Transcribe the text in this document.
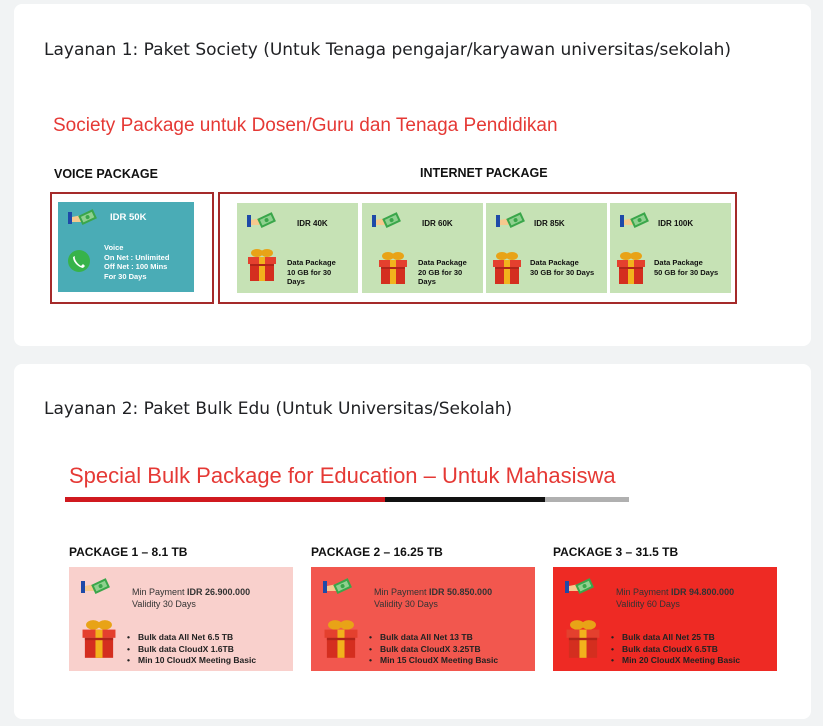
Layanan 1: Paket Society (Untuk Tenaga pengajar/karyawan universitas/sekolah)
Society Package untuk Dosen/Guru dan Tenaga Pendidikan
VOICE PACKAGE	INTERNET PACKAGE
IDR 50K
Voice
On Net : Unlimited
Off Net : 100 Mins
For 30 Days
IDR 40K
Data Package
10 GB for 30
Days
IDR 60K
Data Package
20 GB for 30
Days
IDR 85K
Data Package
30 GB for 30 Days
IDR 100K
Data Package
50 GB for 30 Days
Layanan 2: Paket Bulk Edu (Untuk Universitas/Sekolah)
Special Bulk Package for Education – Untuk Mahasiswa
PACKAGE 1 – 8.1 TB
Min Payment IDR 26.900.000
Validity 30 Days
• Bulk data All Net 6.5 TB
• Bulk data CloudX 1.6TB
• Min 10 CloudX Meeting Basic
PACKAGE 2 – 16.25 TB
Min Payment IDR 50.850.000
Validity 30 Days
• Bulk data All Net 13 TB
• Bulk data CloudX 3.25TB
• Min 15 CloudX Meeting Basic
PACKAGE 3 – 31.5 TB
Min Payment IDR 94.800.000
Validity 60 Days
• Bulk data All Net 25 TB
• Bulk data CloudX 6.5TB
• Min 20 CloudX Meeting Basic
